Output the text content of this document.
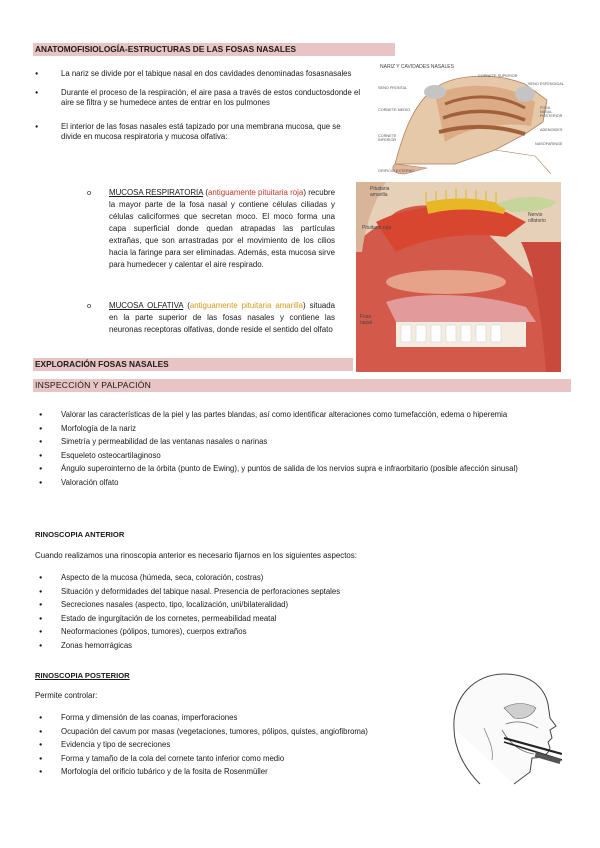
ANATOMOFISIOLOGÍA-ESTRUCTURAS DE LAS FOSAS NASALES
● La nariz se divide por el tabique nasal en dos cavidades denominadas fosasnasales
● Durante el proceso de la respiración, el aire pasa a través de estos conductosdonde el aire se filtra y se humedece antes de entrar en los pulmones
● El interior de las fosas nasales está tapizado por una membrana mucosa, que se divide en mucosa respiratoria y mucosa olfativa:
o MUCOSA RESPIRATORIA (antiguamente pituitaria roja) recubre la mayor parte de la fosa nasal y contiene células ciliadas y células caliciformes que secretan moco. El moco forma una capa superficial donde quedan atrapadas las partículas extrañas, que son arrastradas por el movimiento de los cilios hacia la faringe para ser eliminadas. Además, esta mucosa sirve para humedecer y calentar el aire respirado.
o MUCOSA OLFATIVA (antiguamente pituitaria amarilla) situada en la parte superior de las fosas nasales y contiene las neuronas receptoras olfativas, donde reside el sentido del olfato
NARIZ Y CAVIDADES NASALES
CORNETE SUPERIOR
SENO ESFENOIDAL
SENO FRONTAL
CORNETE MEDIO	FOSA NASAL POSTERIOR
ADENOIDES
CORNETE INFERIOR
NASOFARINGE
ORIFICIO EXTERNO
Pituitaria amarilla
Nervio olfatorio
Pituitaria roja
Fosa nasal
EXPLORACIÓN FOSAS NASALES
INSPECCIÓN Y PALPACIÓN
● Valorar las características de la piel y las partes blandas, así como identificar alteraciones como tumefacción, edema o hiperemia
● Morfología de la nariz
● Simetría y permeabilidad de las ventanas nasales o narinas
● Esqueleto osteocartilaginoso
● Ángulo superointerno de la órbita (punto de Ewing), y puntos de salida de los nervios supra e infraorbitario (posible afección sinusal)
● Valoración olfato
RINOSCOPIA ANTERIOR
Cuando realizamos una rinoscopia anterior es necesario fijarnos en los siguientes aspectos:
● Aspecto de la mucosa (húmeda, seca, coloración, costras)
● Situación y deformidades del tabique nasal. Presencia de perforaciones septales
● Secreciones nasales (aspecto, tipo, localización, uni/bilateralidad)
● Estado de ingurgitación de los cornetes, permeabilidad meatal
● Neoformaciones (pólipos, tumores), cuerpos extraños
● Zonas hemorrágicas
RINOSCOPIA POSTERIOR
Permite controlar:
● Forma y dimensión de las coanas, imperforaciones
● Ocupación del cavum por masas (vegetaciones, tumores, pólipos, quistes, angiofibroma)
● Evidencia y tipo de secreciones
● Forma y tamaño de la cola del cornete tanto inferior como medio
● Morfología del orificio tubárico y de la fosita de Rosenmüller
